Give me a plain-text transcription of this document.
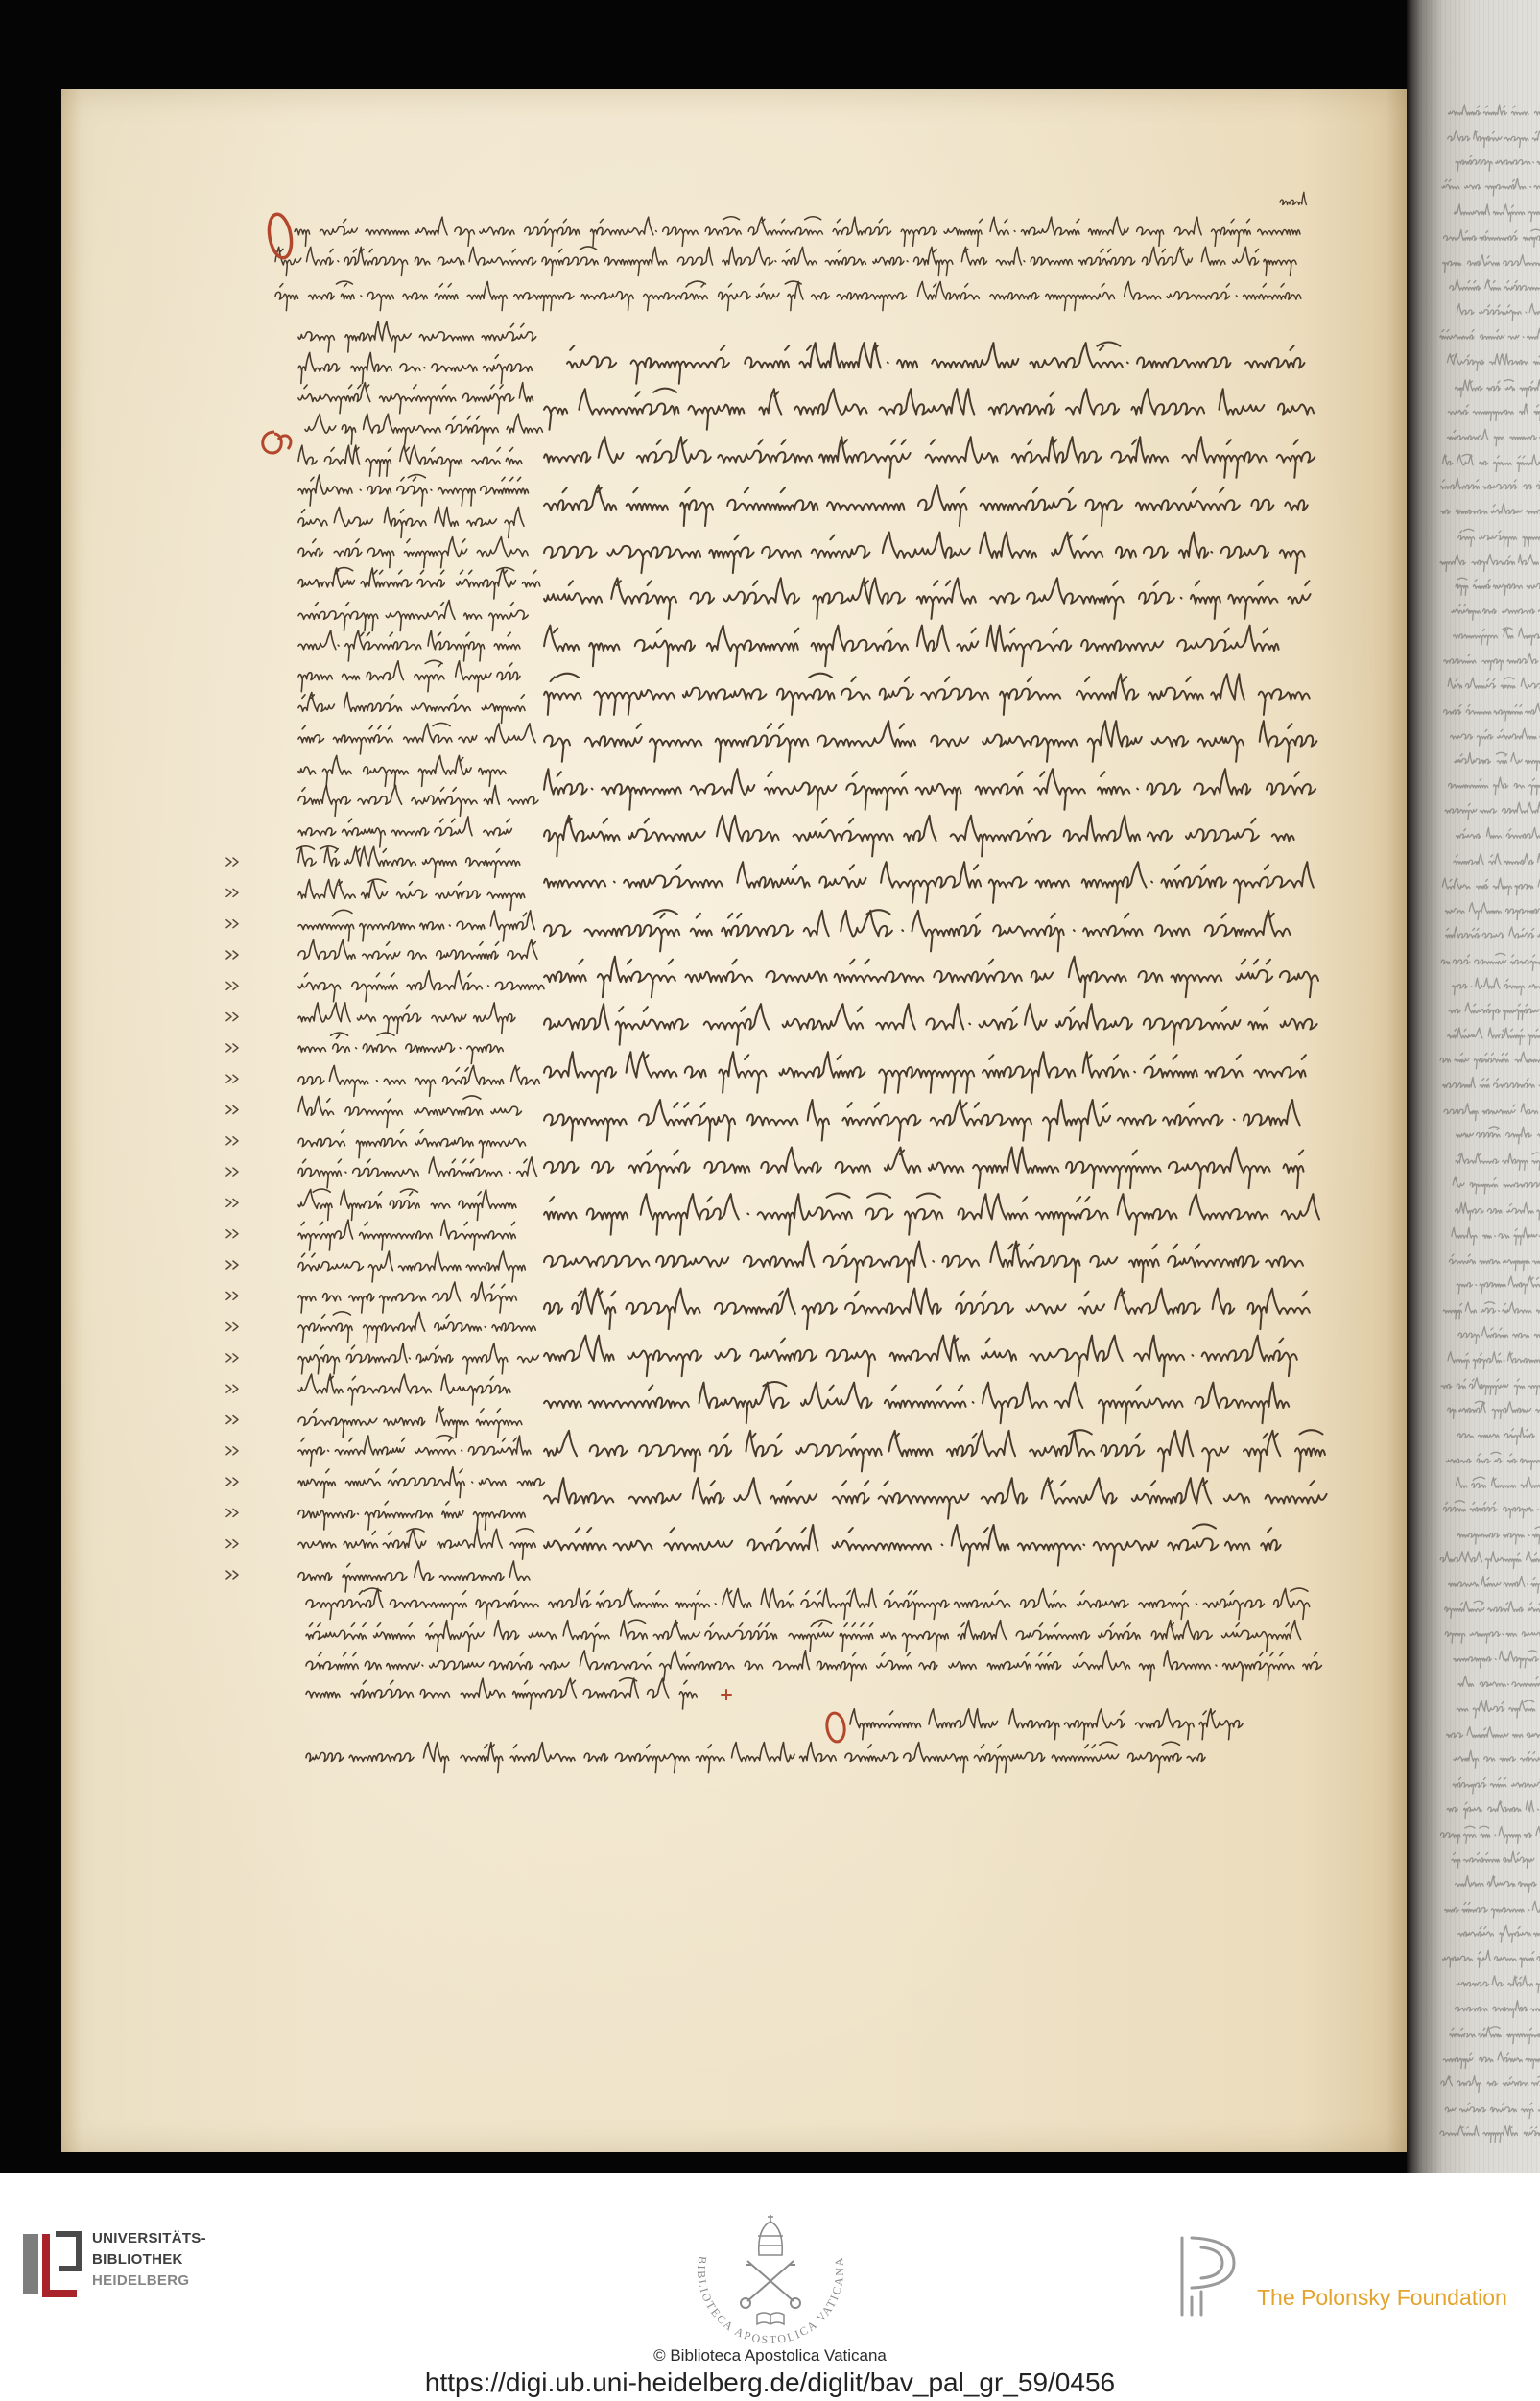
UNIVERSITÄTS-
BIBLIOTHEK
HEIDELBERG
BIBLIOTECA APOSTOLICA VATICANA
The Polonsky Foundation
© Biblioteca Apostolica Vaticana
https://digi.ub.uni-heidelberg.de/diglit/bav_pal_gr_59/0456
